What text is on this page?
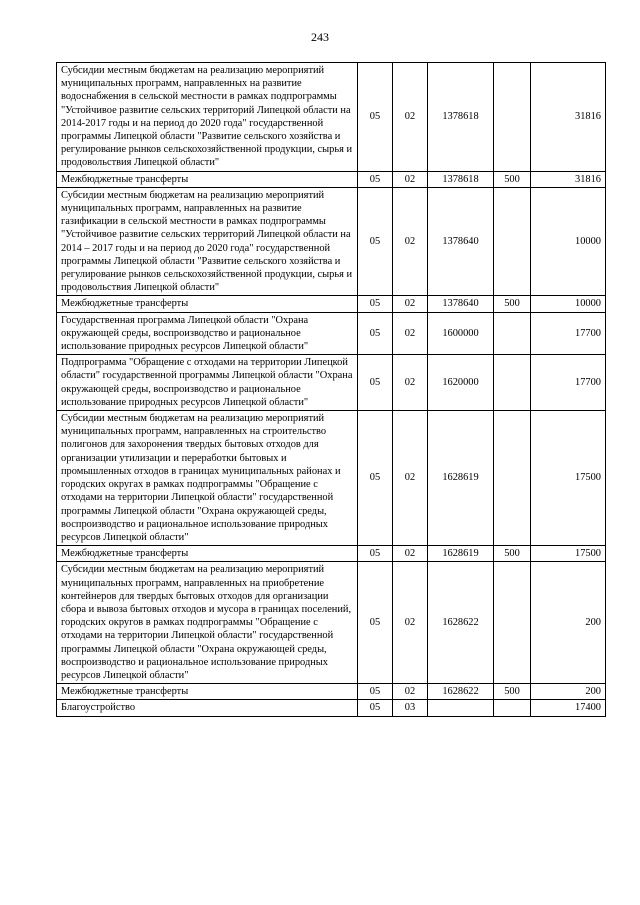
243
Субсидии местным бюджетам на реализацию мероприятий муниципальных программ, направленных на развитие водоснабжения в сельской местности в рамках подпрограммы "Устойчивое развитие сельских территорий Липецкой области на 2014-2017 годы и на период до 2020 года" государственной программы Липецкой области "Развитие сельского хозяйства и регулирование рынков сельскохозяйственной продукции, сырья и продовольствия Липецкой области"	05	02	1378618		31816
Межбюджетные трансферты	05	02	1378618	500	31816
Субсидии местным бюджетам на реализацию мероприятий муниципальных программ, направленных на развитие газификации в сельской местности в рамках подпрограммы "Устойчивое развитие сельских территорий Липецкой области на 2014 – 2017 годы и на период до 2020 года" государственной программы Липецкой области "Развитие сельского хозяйства и регулирование рынков сельскохозяйственной продукции, сырья и продовольствия Липецкой области"	05	02	1378640		10000
Межбюджетные трансферты	05	02	1378640	500	10000
Государственная программа Липецкой области "Охрана окружающей среды, воспроизводство и рациональное использование природных ресурсов Липецкой области"	05	02	1600000		17700
Подпрограмма "Обращение с отходами на территории Липецкой области" государственной программы Липецкой области "Охрана окружающей среды, воспроизводство и рациональное использование природных ресурсов Липецкой области"	05	02	1620000		17700
Субсидии местным бюджетам на реализацию мероприятий муниципальных программ, направленных на строительство полигонов для захоронения твердых бытовых отходов для организации утилизации и переработки бытовых и промышленных отходов в границах муниципальных районах и городских округах в рамках подпрограммы "Обращение с отходами на территории Липецкой области" государственной программы Липецкой области "Охрана окружающей среды, воспроизводство и рациональное использование природных ресурсов Липецкой области"	05	02	1628619		17500
Межбюджетные трансферты	05	02	1628619	500	17500
Субсидии местным бюджетам на реализацию мероприятий муниципальных программ, направленных на приобретение контейнеров для твердых бытовых отходов для организации сбора и вывоза бытовых отходов и мусора в границах поселений, городских округов в рамках подпрограммы "Обращение с отходами на территории Липецкой области" государственной программы Липецкой области "Охрана окружающей среды, воспроизводство и рациональное использование природных ресурсов Липецкой области"	05	02	1628622		200
Межбюджетные трансферты	05	02	1628622	500	200
Благоустройство	05	03			17400
